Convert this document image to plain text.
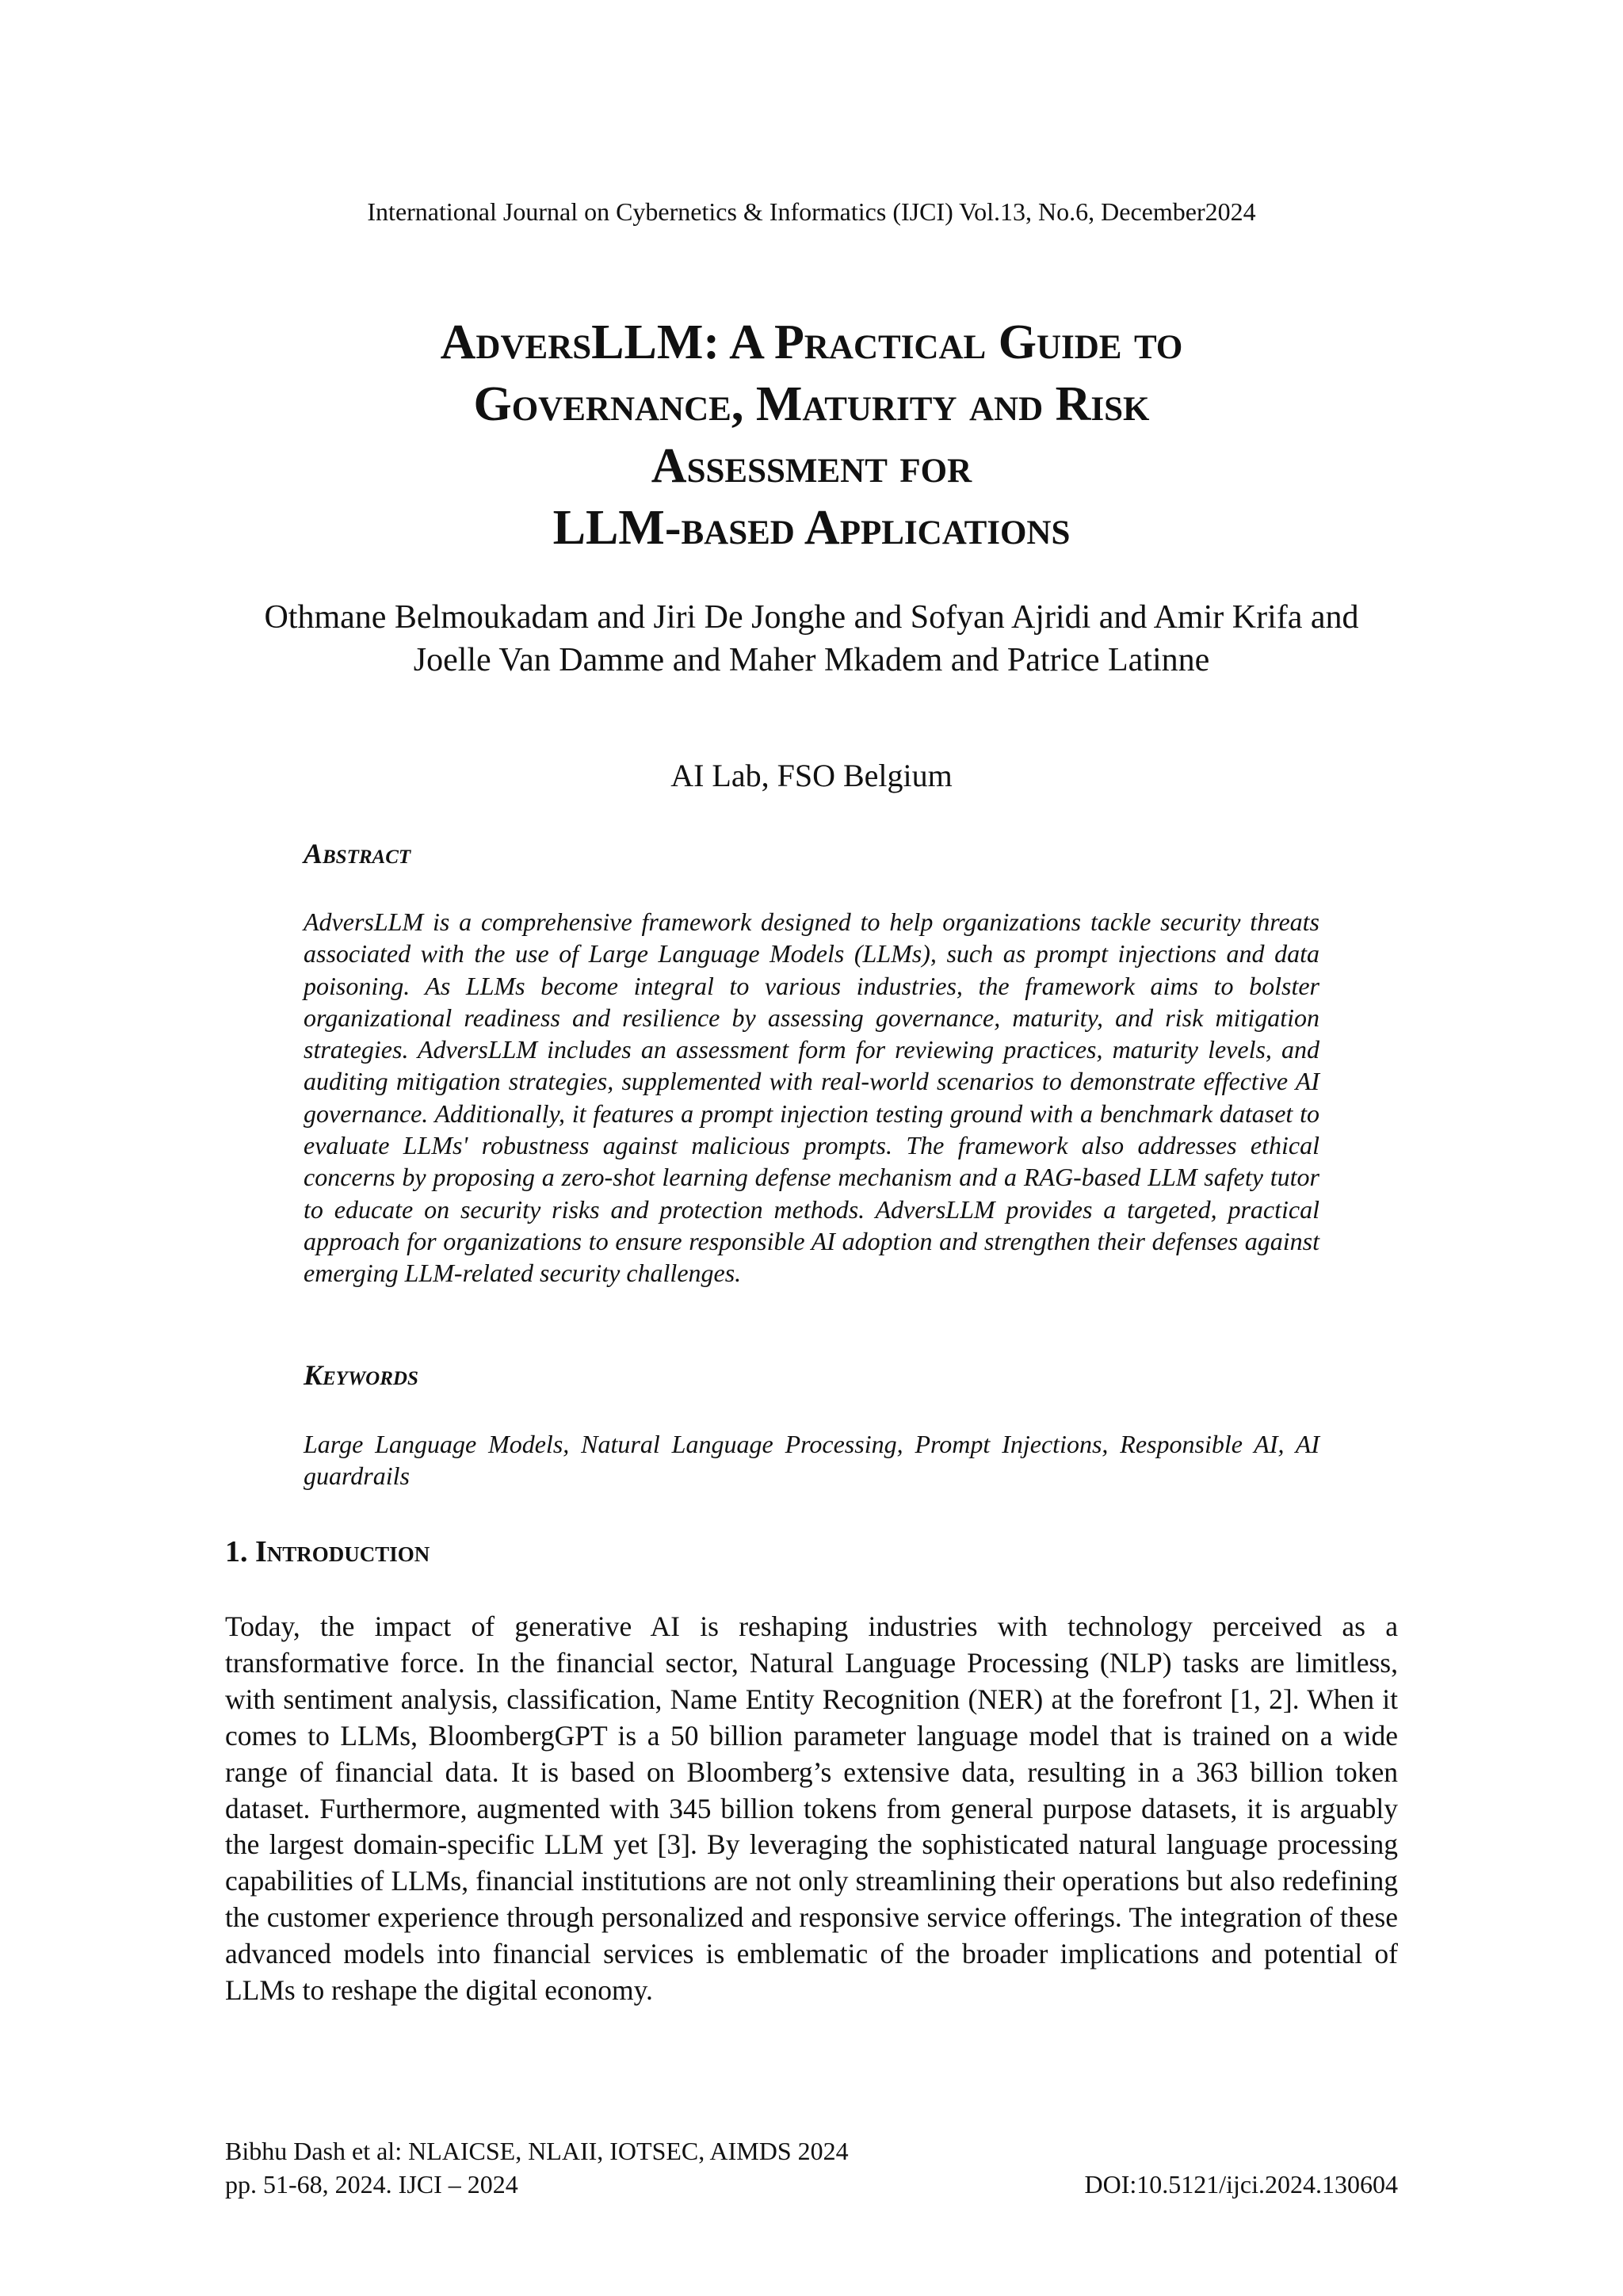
International Journal on Cybernetics & Informatics (IJCI) Vol.13, No.6, December2024
AdversLLM: A Practical Guide to
Governance, Maturity and Risk
Assessment for
LLM-based Applications
Othmane Belmoukadam and Jiri De Jonghe and Sofyan Ajridi and Amir Krifa and Joelle Van Damme and Maher Mkadem and Patrice Latinne
AI Lab, FSO Belgium
Abstract

AdversLLM is a comprehensive framework designed to help organizations tackle security threats associated with the use of Large Language Models (LLMs), such as prompt injections and data poisoning. As LLMs become integral to various industries, the framework aims to bolster organizational readiness and resilience by assessing governance, maturity, and risk mitigation strategies. AdversLLM includes an assessment form for reviewing practices, maturity levels, and auditing mitigation strategies, supplemented with real-world scenarios to demonstrate effective AI governance. Additionally, it features a prompt injection testing ground with a benchmark dataset to evaluate LLMs' robustness against malicious prompts. The framework also addresses ethical concerns by proposing a zero-shot learning defense mechanism and a RAG-based LLM safety tutor to educate on security risks and protection methods. AdversLLM provides a targeted, practical approach for organizations to ensure responsible AI adoption and strengthen their defenses against emerging LLM-related security challenges.

Keywords

Large Language Models, Natural Language Processing, Prompt Injections, Responsible AI, AI guardrails

1. Introduction

Today, the impact of generative AI is reshaping industries with technology perceived as a transformative force. In the financial sector, Natural Language Processing (NLP) tasks are limitless, with sentiment analysis, classification, Name Entity Recognition (NER) at the forefront [1, 2]. When it comes to LLMs, BloombergGPT is a 50 billion parameter language model that is trained on a wide range of financial data. It is based on Bloomberg’s extensive data, resulting in a 363 billion token dataset. Furthermore, augmented with 345 billion tokens from general purpose datasets, it is arguably the largest domain-specific LLM yet [3]. By leveraging the sophisticated natural language processing capabilities of LLMs, financial institutions are not only streamlining their operations but also redefining the customer experience through personalized and responsive service offerings. The integration of these advanced models into financial services is emblematic of the broader implications and potential of LLMs to reshape the digital economy.

Bibhu Dash et al: NLAICSE, NLAII, IOTSEC, AIMDS 2024
pp. 51-68, 2024. IJCI – 2024	DOI:10.5121/ijci.2024.130604
